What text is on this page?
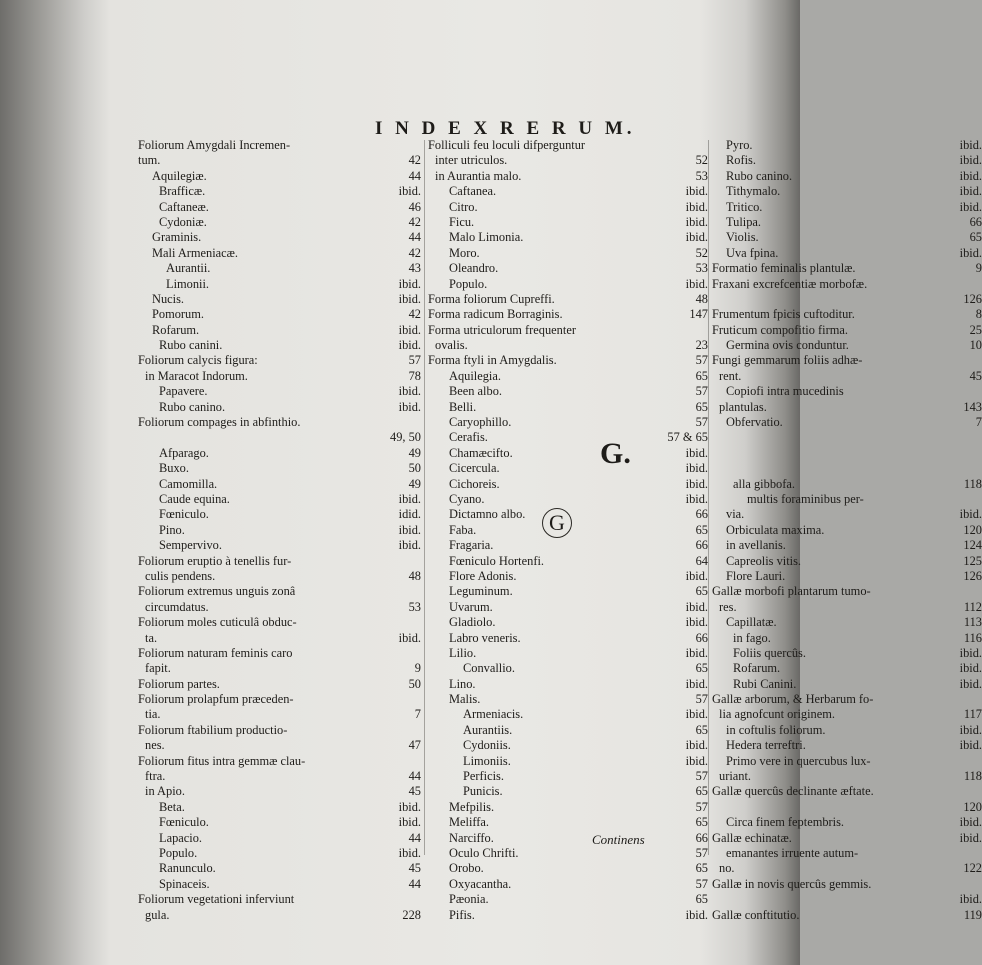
I N D E X R E R U M.
Foliorum Amygdali Incremen-
tum.	42
Aquilegiæ.	44
Brafficæ.	ibid.
Caftaneæ.	46
Cydoniæ.	42
Graminis.	44
Mali Armeniacæ.	42
Aurantii.	43
Limonii.	ibid.
Nucis.	ibid.
Pomorum.	42
Rofarum.	ibid.
Rubo canini.	ibid.
Foliorum calycis figura:	57
in Maracot Indorum.	78
Papavere.	ibid.
Rubo canino.	ibid.
Foliorum compages in abfinthio.
49, 50
Afparago.	49
Buxo.	50
Camomilla.	49
Caude equina.	ibid.
Fœniculo.	idid.
Pino.	ibid.
Sempervivo.	ibid.
Foliorum eruptio à tenellis fur-
culis pendens.	48
Foliorum extremus unguis zonâ
circumdatus.	53
Foliorum moles cuticulâ obduc-
ta.	ibid.
Foliorum naturam feminis caro
fapit.	9
Foliorum partes.	50
Foliorum prolapfum præceden-
tia.	7
Foliorum ftabilium productio-
nes.	47
Foliorum fitus intra gemmæ clau-
ftra.	44
in Apio.	45
Beta.	ibid.
Fœniculo.	ibid.
Lapacio.	44
Populo.	ibid.
Ranunculo.	45
Spinaceis.	44
Foliorum vegetationi inferviunt
gula.	228
Folliculi feu loculi difperguntur
inter utriculos.	52
in Aurantia malo.	53
Caftanea.	ibid.
Citro.	ibid.
Ficu.	ibid.
Malo Limonia.	ibid.
Moro.	52
Oleandro.	53
Populo.	ibid.
Forma foliorum Cupreffi.	48
Forma radicum Borraginis.	147
Forma utriculorum frequenter
ovalis.	23
Forma ftyli in Amygdalis.	57
Aquilegia.	65
Been albo.	57
Belli.	65
Caryophillo.	57
Cerafis.	57 & 65
Chamæcifto.	ibid.
Cicercula.	ibid.
Cichoreis.	ibid.
Cyano.	ibid.
Dictamno albo.	66
Faba.	65
Fragaria.	66
Fœniculo Hortenfi.	64
Flore Adonis.	ibid.
Leguminum.	65
Uvarum.	ibid.
Gladiolo.	ibid.
Labro veneris.	66
Lilio.	ibid.
Convallio.	65
Lino.	ibid.
Malis.	57
Armeniacis.	ibid.
Aurantiis.	65
Cydoniis.	ibid.
Limoniis.	ibid.
Perficis.	57
Punicis.	65
Mefpilis.	57
Meliffa.	65
Narciffo.	66
Oculo Chrifti.	57
Orobo.	65
Oxyacantha.	57
Pæonia.	65
Pifis.	ibid.
Pyro.	ibid.
Rofis.	ibid.
Rubo canino.	ibid.
Tithymalo.	ibid.
Tritico.	ibid.
Tulipa.	66
Violis.	65
Uva fpina.	ibid.
Formatio feminalis plantulæ.	9
Fraxani excrefcentiæ morbofæ.
126
Frumentum fpicis cuftoditur.	8
Fruticum compofitio firma.	25
Germina ovis conduntur.	10
Fungi gemmarum foliis adhæ-
rent.	45
Copiofi intra mucedinis
plantulas.	143
Obfervatio.	7
alla gibbofa.	118
multis foraminibus per-
via.	ibid.
Orbiculata maxima.	120
in avellanis.	124
Capreolis vitis.	125
Flore Lauri.	126
Gallæ morbofi plantarum tumo-
res.	112
Capillatæ.	113
in fago.	116
Foliis quercûs.	ibid.
Rofarum.	ibid.
Rubi Canini.	ibid.
Gallæ arborum, & Herbarum fo-
lia agnofcunt originem.	117
in coftulis foliorum.	ibid.
Hedera terreftri.	ibid.
Primo vere in quercubus lux-
uriant.	118
Gallæ quercûs declinante æftate.
120
Circa finem feptembris.	ibid.
Gallæ echinatæ.	ibid.
emanantes irruente autum-
no.	122
Gallæ in novis quercûs gemmis.
ibid.
Gallæ conftitutio.	119
G.
G
Continens
